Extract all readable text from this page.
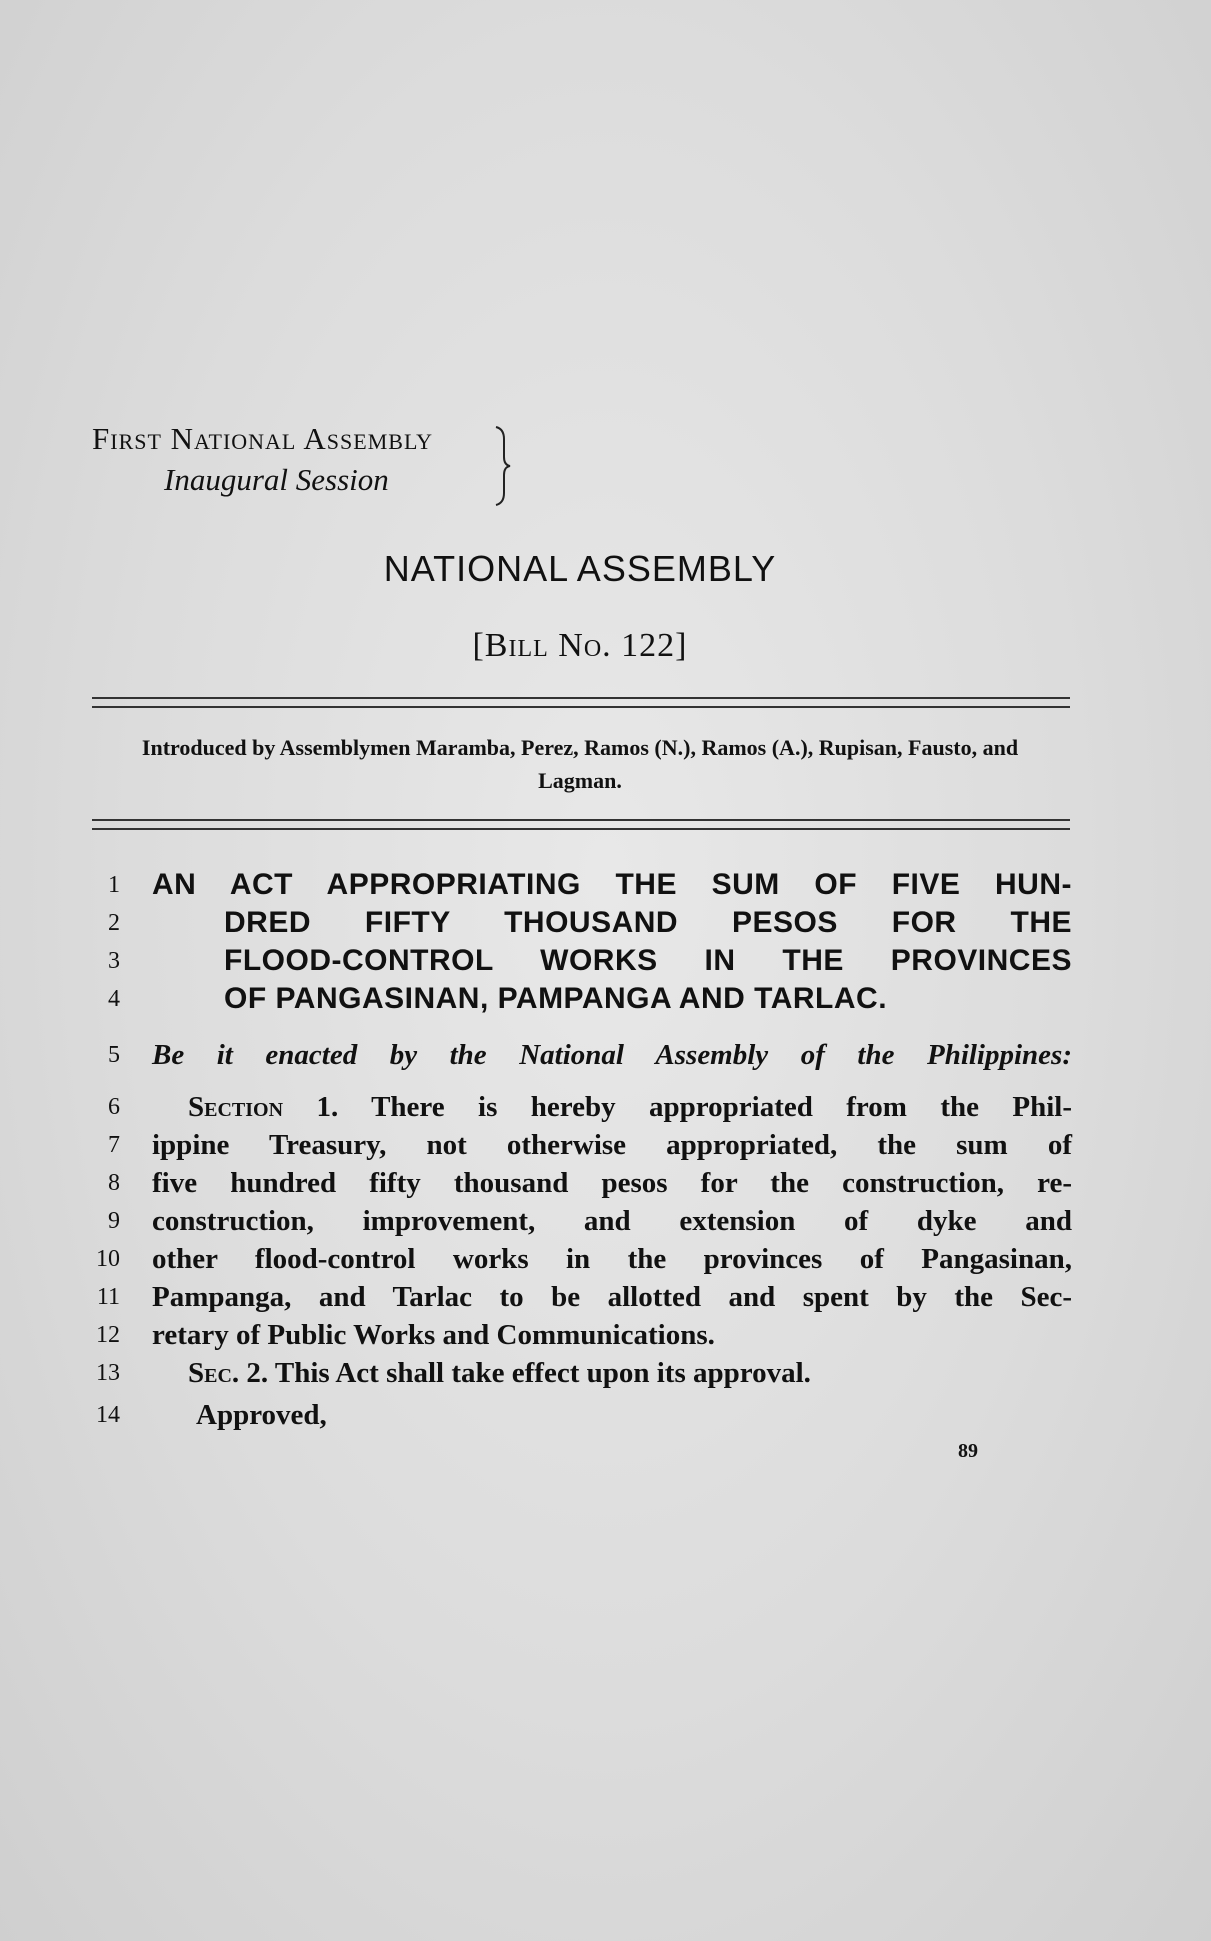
First National Assembly
Inaugural Session
NATIONAL ASSEMBLY
[Bill No. 122]
Introduced by Assemblymen Maramba, Perez, Ramos (N.), Ramos (A.), Rupisan, Fausto, and Lagman.
1 AN ACT APPROPRIATING THE SUM OF FIVE HUN-
2	DRED FIFTY THOUSAND PESOS FOR THE
3	FLOOD-CONTROL WORKS IN THE PROVINCES
4	OF PANGASINAN, PAMPANGA AND TARLAC.
5 Be it enacted by the National Assembly of the Philippines:
6 Section 1. There is hereby appropriated from the Phil-
7 ippine Treasury, not otherwise appropriated, the sum of
8 five hundred fifty thousand pesos for the construction, re-
9 construction, improvement, and extension of dyke and
10 other flood-control works in the provinces of Pangasinan,
11 Pampanga, and Tarlac to be allotted and spent by the Sec-
12 retary of Public Works and Communications.
13 Sec. 2. This Act shall take effect upon its approval.
14	Approved,
89
